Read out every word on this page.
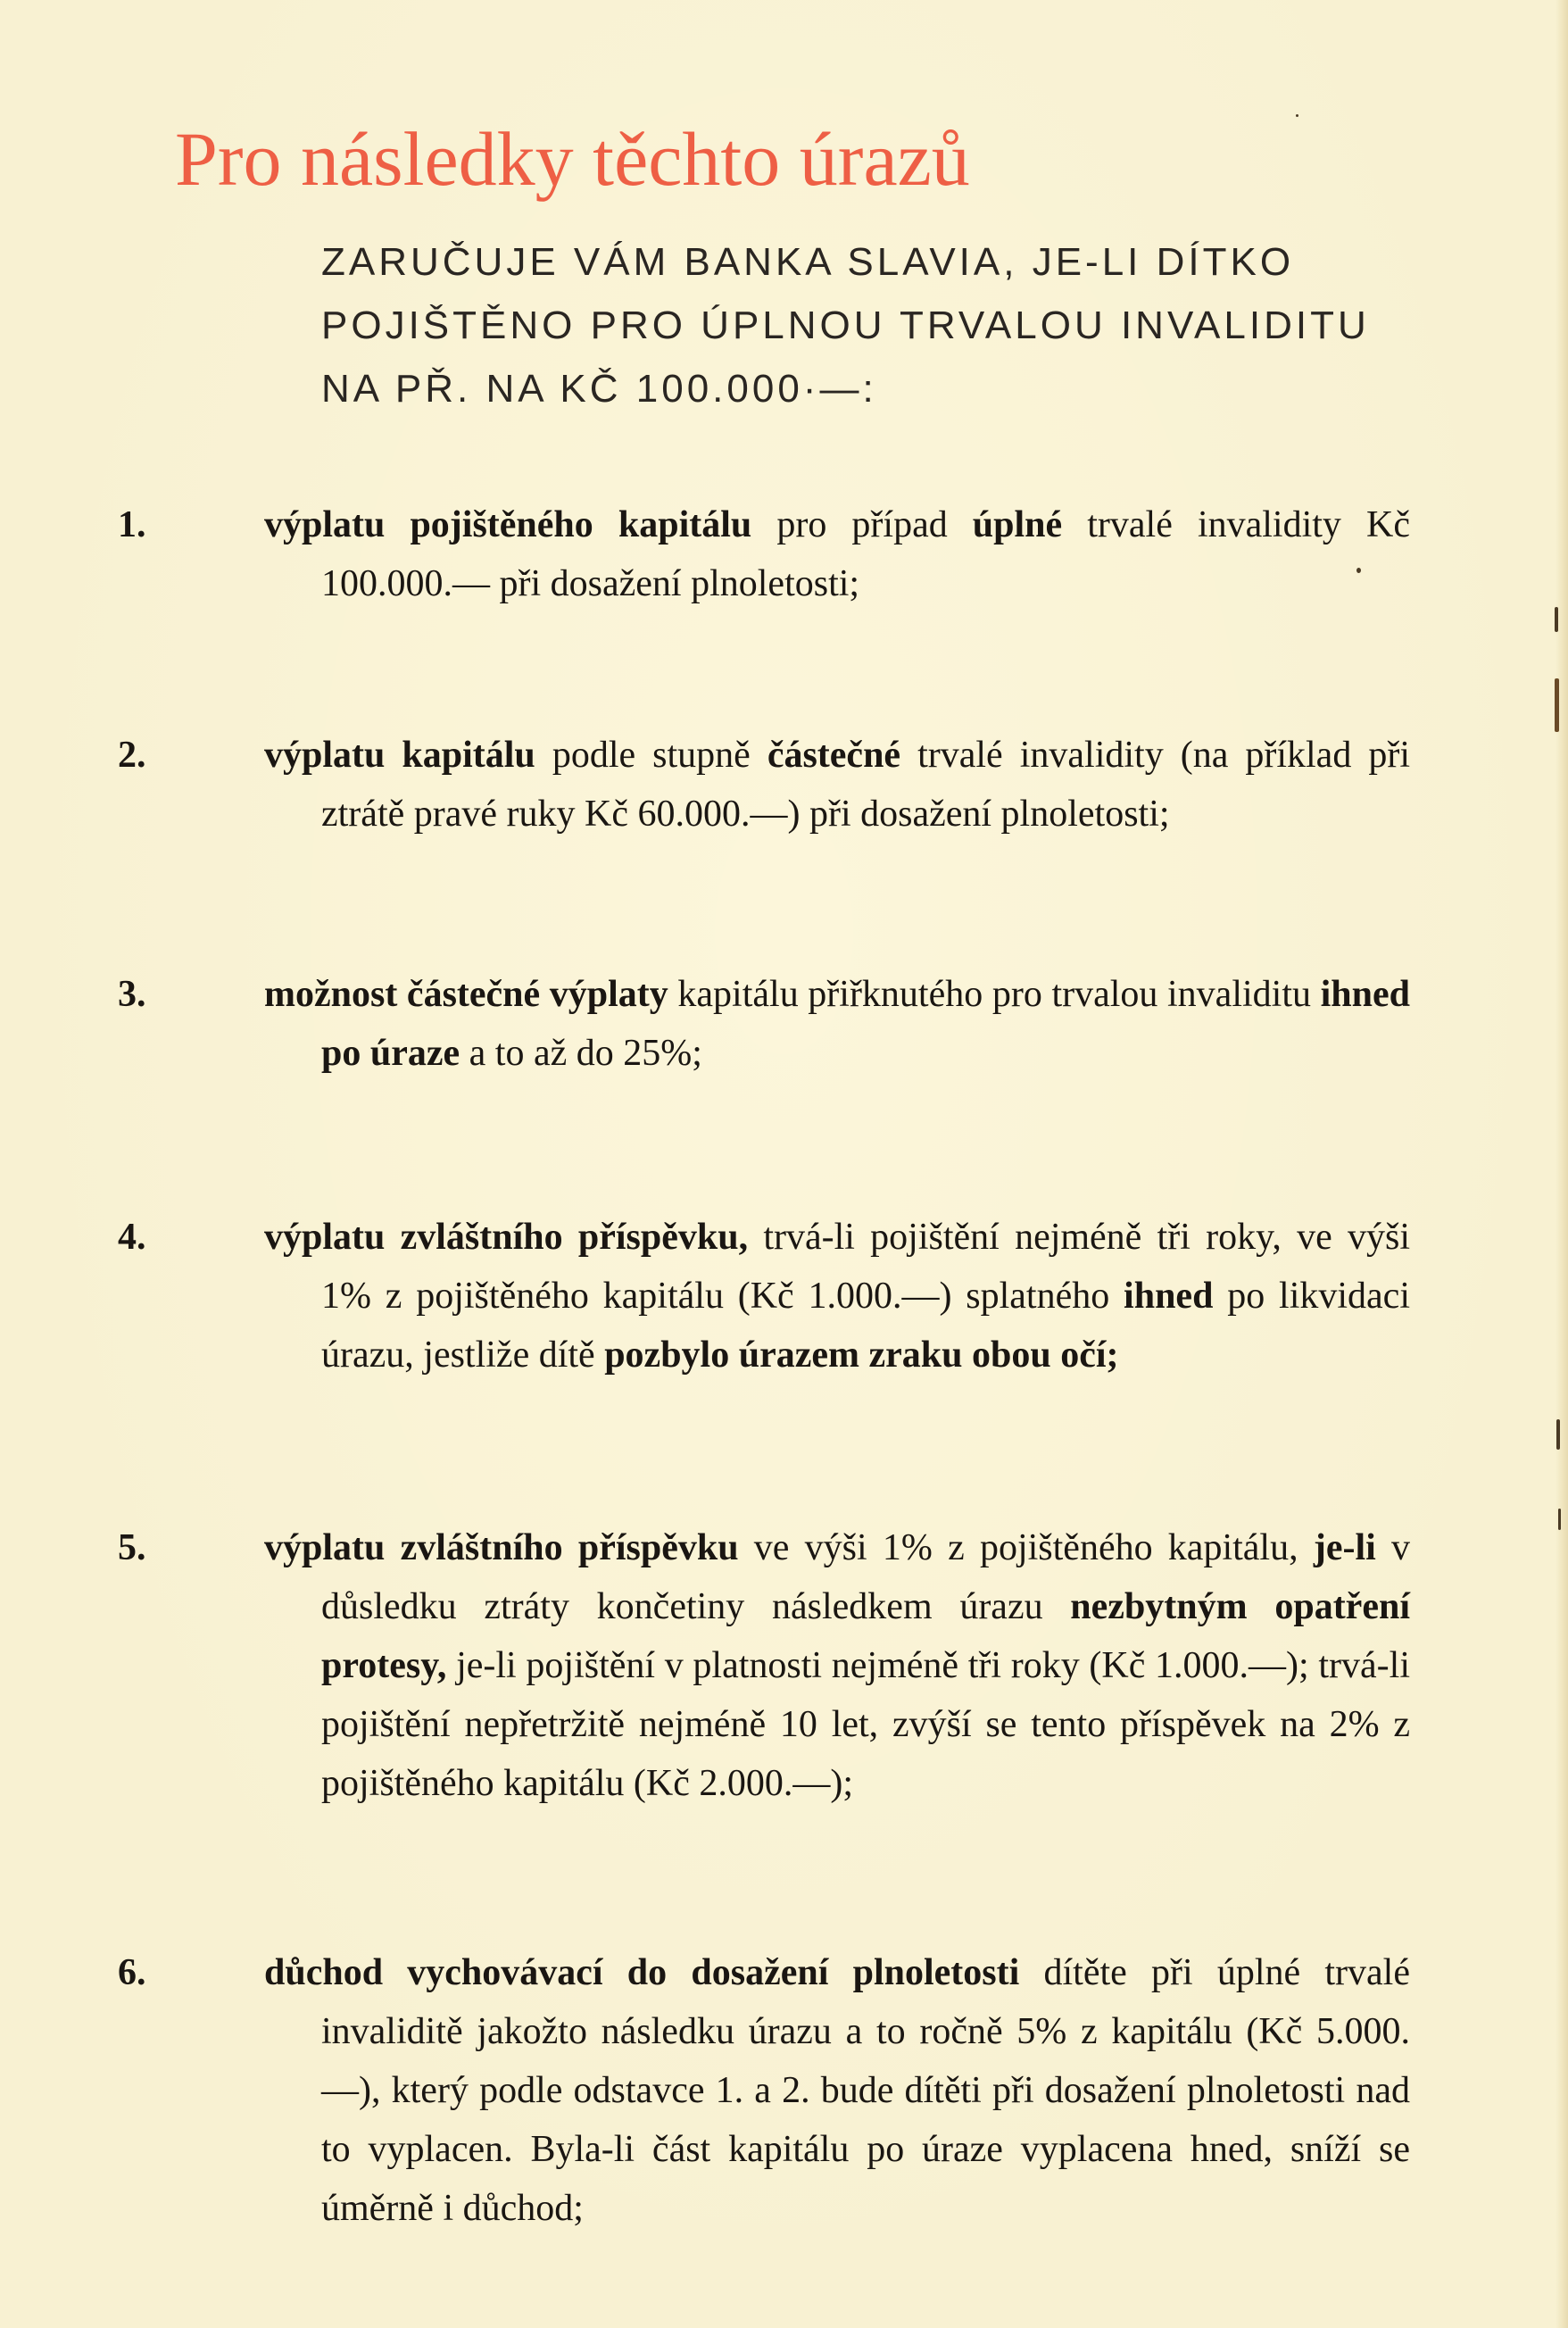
Pro následky těchto úrazů
ZARUČUJE VÁM BANKA SLAVIA, JE-LI DÍTKO
POJIŠTĚNO PRO ÚPLNOU TRVALOU INVALIDITU
NA PŘ. NA KČ 100.000·—:
1.	výplatu pojištěného kapitálu pro případ úplné trvalé invalidity Kč 100.000.— při dosažení plnoletosti;
2.	výplatu kapitálu podle stupně částečné trvalé invalidity (na příklad při ztrátě pravé ruky Kč 60.000.—) při dosažení plnoletosti;
3.	možnost částečné výplaty kapitálu přiřknutého pro trvalou invaliditu ihned po úraze a to až do 25%;
4.	výplatu zvláštního příspěvku, trvá-li pojištění nejméně tři roky, ve výši 1% z pojištěného kapitálu (Kč 1.000.—) splatného ihned po likvidaci úrazu, jestliže dítě pozbylo úrazem zraku obou očí;
5.	výplatu zvláštního příspěvku ve výši 1% z pojištěného kapitálu, je-li v důsledku ztráty končetiny následkem úrazu nezbytným opatření protesy, je-li pojištění v platnosti nejméně tři roky (Kč 1.000.—); trvá-li pojištění nepřetržitě nejméně 10 let, zvýší se tento příspěvek na 2% z pojištěného kapitálu (Kč 2.000.—);
6.	důchod vychovávací do dosažení plnoletosti dítěte při úplné trvalé invaliditě jakožto následku úrazu a to ročně 5% z kapitálu (Kč 5.000.—), který podle odstavce 1. a 2. bude dítěti při dosažení plnoletosti nad to vyplacen. Byla-li část kapitálu po úraze vyplacena hned, sníží se úměrně i důchod;
